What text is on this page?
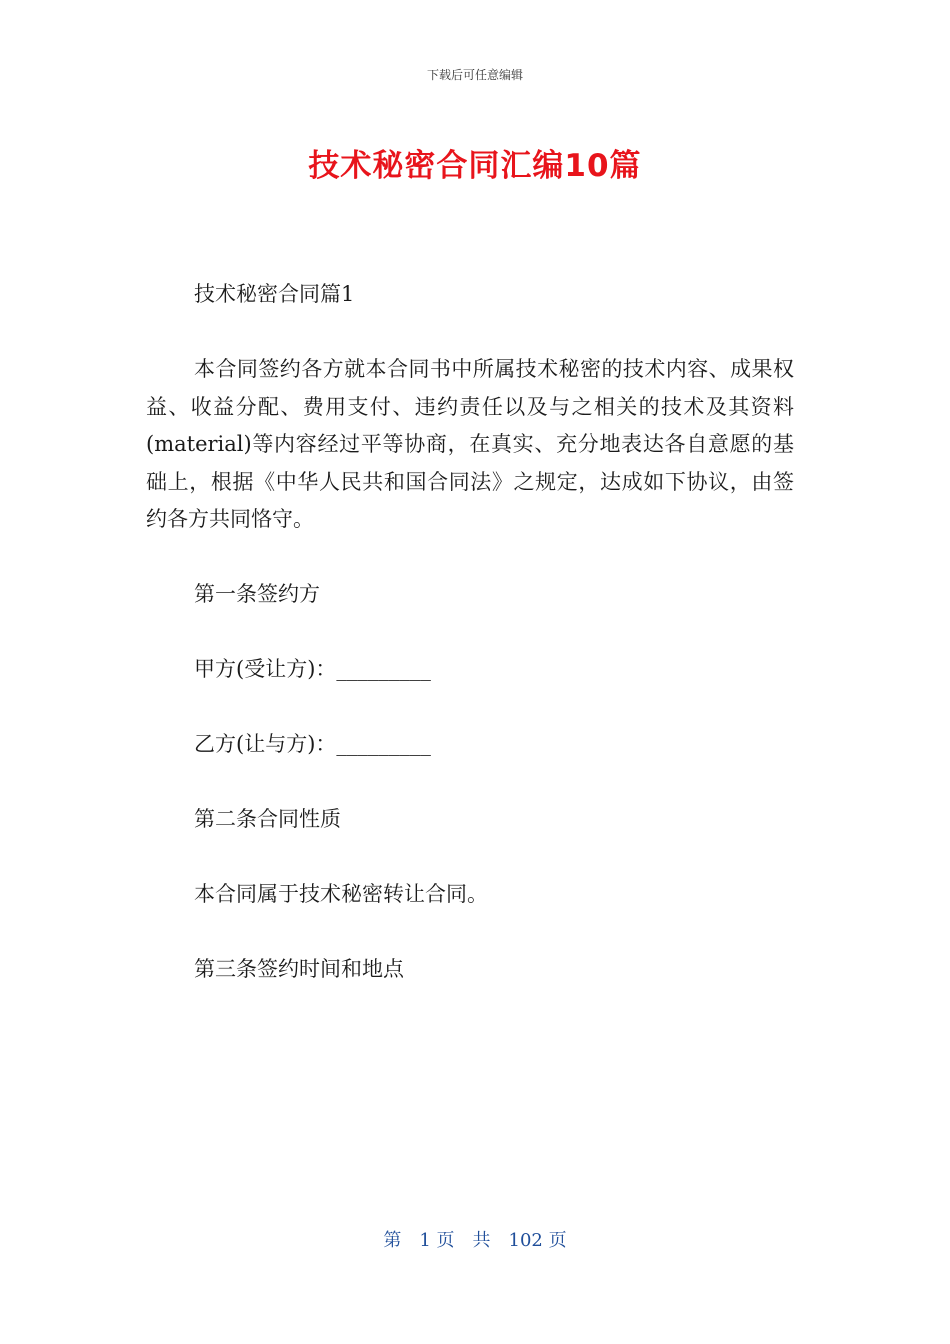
下载后可任意编辑
技术秘密合同汇编10篇

技术秘密合同篇1

本合同签约各方就本合同书中所属技术秘密的技术内容、成果权益、收益分配、费用支付、违约责任以及与之相关的技术及其资料(material)等内容经过平等协商，在真实、充分地表达各自意愿的基础上，根据《中华人民共和国合同法》之规定，达成如下协议，由签约各方共同恪守。

第一条签约方

甲方(受让方)：_________

乙方(让与方)：_________

第二条合同性质

本合同属于技术秘密转让合同。

第三条签约时间和地点

第　1 页　共　102 页
